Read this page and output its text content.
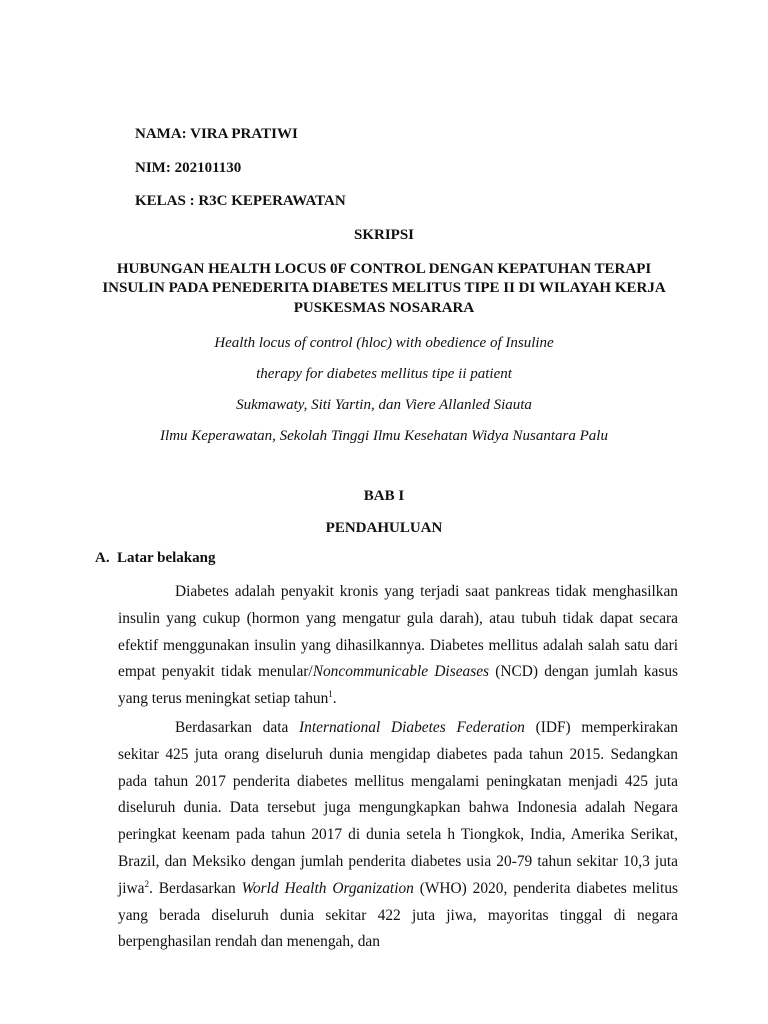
NAMA: VIRA PRATIWI
NIM: 202101130
KELAS : R3C KEPERAWATAN
SKRIPSI
HUBUNGAN HEALTH LOCUS 0F CONTROL DENGAN KEPATUHAN TERAPI
INSULIN PADA PENEDERITA DIABETES MELITUS TIPE II DI WILAYAH KERJA
PUSKESMAS NOSARARA
Health locus of control (hloc) with obedience of Insuline
therapy for diabetes mellitus tipe ii patient
Sukmawaty, Siti Yartin, dan Viere Allanled Siauta
Ilmu Keperawatan, Sekolah Tinggi Ilmu Kesehatan Widya Nusantara Palu
BAB I
PENDAHULUAN
A. Latar belakang

Diabetes adalah penyakit kronis yang terjadi saat pankreas tidak menghasilkan insulin yang cukup (hormon yang mengatur gula darah), atau tubuh tidak dapat secara efektif menggunakan insulin yang dihasilkannya. Diabetes mellitus adalah salah satu dari empat penyakit tidak menular/Noncommunicable Diseases (NCD) dengan jumlah kasus yang terus meningkat setiap tahun$^1$.

Berdasarkan data International Diabetes Federation (IDF) memperkirakan sekitar 425 juta orang diseluruh dunia mengidap diabetes pada tahun 2015. Sedangkan pada tahun 2017 penderita diabetes mellitus mengalami peningkatan menjadi 425 juta diseluruh dunia. Data tersebut juga mengungkapkan bahwa Indonesia adalah Negara peringkat keenam pada tahun 2017 di dunia setela h Tiongkok, India, Amerika Serikat, Brazil, dan Meksiko dengan jumlah penderita diabetes usia 20-79 tahun sekitar 10,3 juta jiwa$^2$. Berdasarkan World Health Organization (WHO) 2020, penderita diabetes melitus yang berada diseluruh dunia sekitar 422 juta jiwa, mayoritas tinggal di negara berpenghasilan rendah dan menengah, dan
